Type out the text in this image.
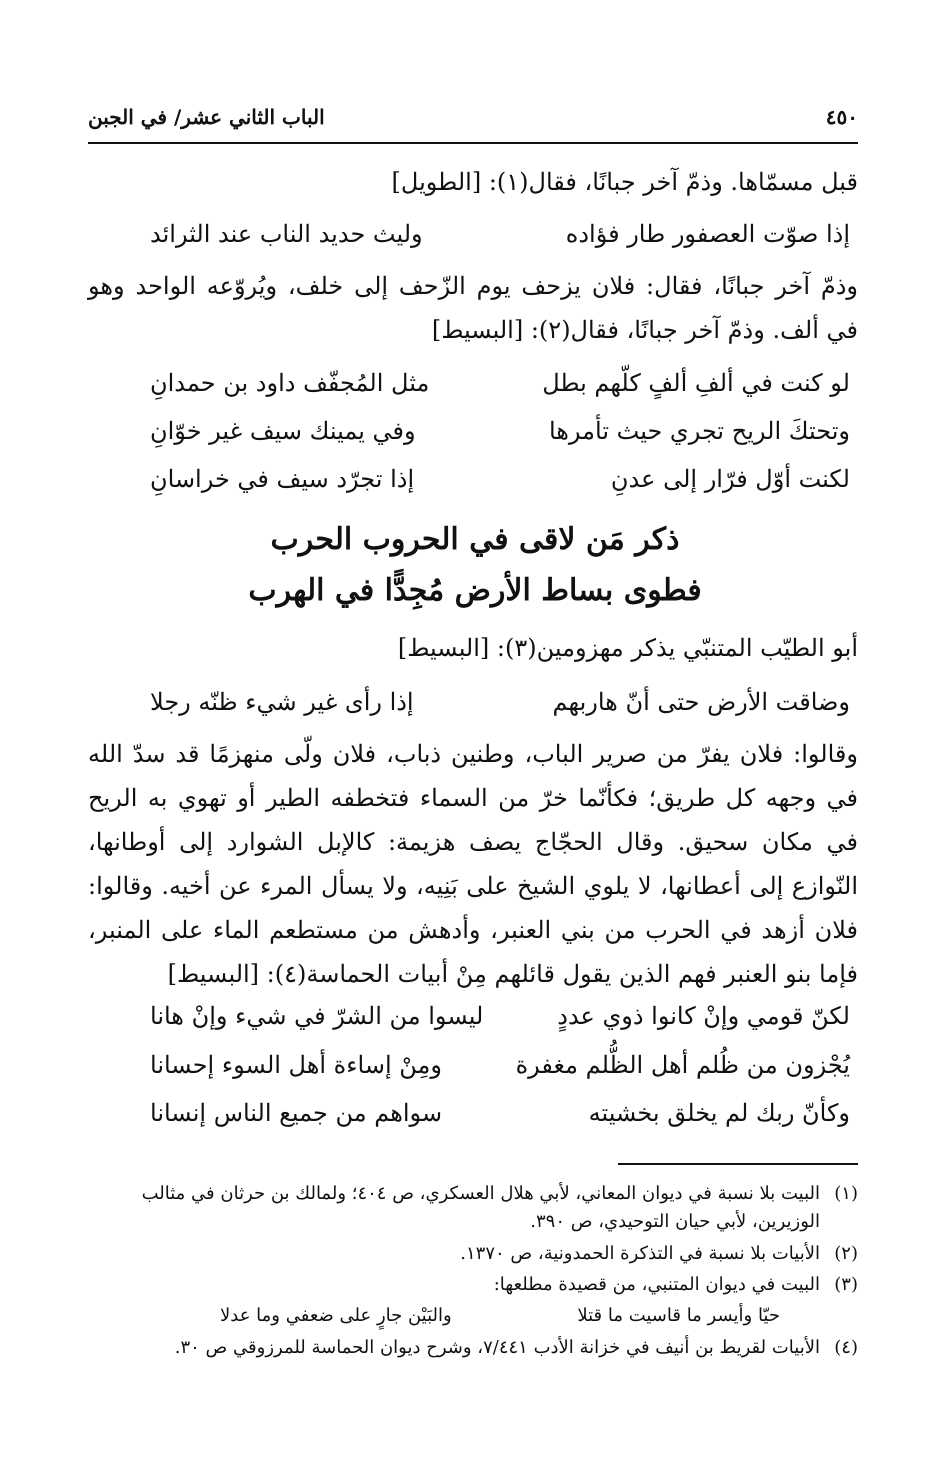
٤٥٠
الباب الثاني عشر/ في الجبن
قبل مسمّاها. وذمّ آخر جبانًا، فقال(١): [الطويل]
إذا صوّت العصفور طار فؤاده
وليث حديد الناب عند الثرائد
وذمّ آخر جبانًا، فقال: فلان يزحف يوم الزّحف إلى خلف، ويُروّعه الواحد وهو في ألف. وذمّ آخر جبانًا، فقال(٢): [البسيط]
لو كنت في ألفِ ألفٍ كلّهم بطل
مثل المُجفّف داود بن حمدانِ
وتحتكَ الريح تجري حيث تأمرها
وفي يمينك سيف غير خوّانِ
لكنت أوّل فرّار إلى عدنِ
إذا تجرّد سيف في خراسانِ
ذكر مَن لاقى في الحروب الحرب
فطوى بساط الأرض مُجِدًّا في الهرب
أبو الطيّب المتنبّي يذكر مهزومين(٣): [البسيط]
وضاقت الأرض حتى أنّ هاربهم
إذا رأى غير شيء ظنّه رجلا
وقالوا: فلان يفرّ من صرير الباب، وطنين ذباب، فلان ولّى منهزمًا قد سدّ الله في وجهه كل طريق؛ فكأنّما خرّ من السماء فتخطفه الطير أو تهوي به الريح في مكان سحيق. وقال الحجّاج يصف هزيمة: كالإبل الشوارد إلى أوطانها، النّوازع إلى أعطانها، لا يلوي الشيخ على بَنِيه، ولا يسأل المرء عن أخيه. وقالوا: فلان أزهد في الحرب من بني العنبر، وأدهش من مستطعم الماء على المنبر، فإما بنو العنبر فهم الذين يقول قائلهم مِنْ أبيات الحماسة(٤): [البسيط]
لكنّ قومي وإنْ كانوا ذوي عددٍ
ليسوا من الشرّ في شيء وإنْ هانا
يُجْزون من ظُلم أهل الظُّلم مغفرة
ومِنْ إساءة أهل السوء إحسانا
وكأنّ ربك لم يخلق بخشيته
سواهم من جميع الناس إنسانا
(١)البيت بلا نسبة في ديوان المعاني، لأبي هلال العسكري، ص ٤٠٤؛ ولمالك بن حرثان في مثالب
الوزيرين، لأبي حيان التوحيدي، ص ٣٩٠.
(٢)الأبيات بلا نسبة في التذكرة الحمدونية، ص ١٣٧٠.
(٣)البيت في ديوان المتنبي، من قصيدة مطلعها:
حيّا وأيسر ما قاسيت ما قتلا
والبَيْن جارٍ على ضعفي وما عدلا
(٤)الأبيات لقريط بن أنيف في خزانة الأدب ٧/٤٤١، وشرح ديوان الحماسة للمرزوقي ص ٣٠.
